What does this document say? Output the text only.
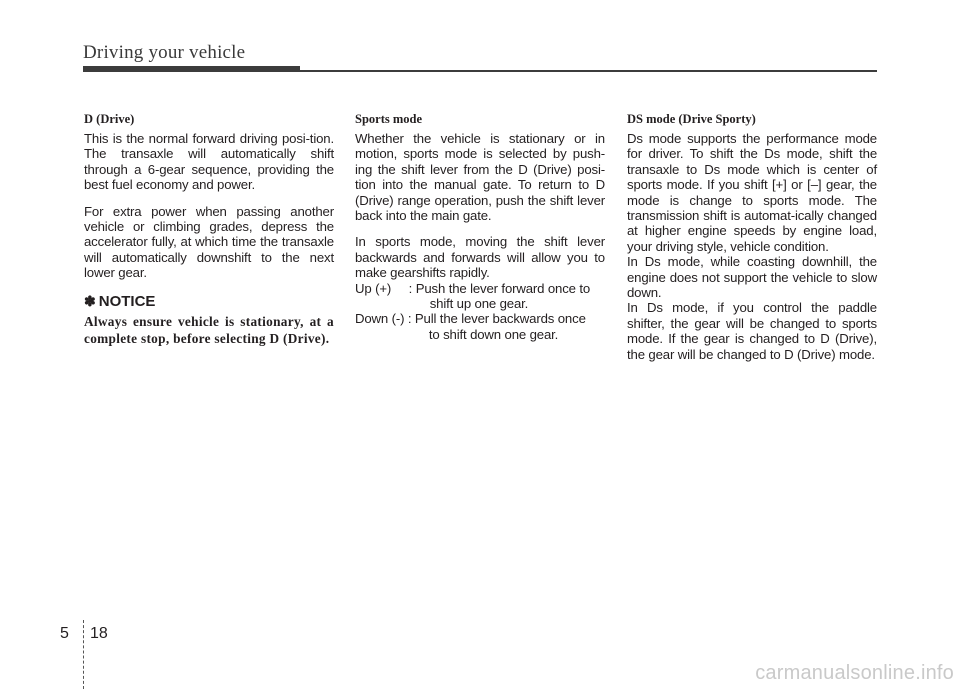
Driving your vehicle
D (Drive)

This is the normal forward driving posi-tion. The transaxle will automatically shift through a 6-gear sequence, providing the best fuel economy and power.

For extra power when passing another vehicle or climbing grades, depress the accelerator fully, at which time the transaxle will automatically downshift to the next lower gear.

✽ NOTICE
Always ensure vehicle is stationary, at a complete stop, before selecting D (Drive).
Sports mode

Whether the vehicle is stationary or in motion, sports mode is selected by push-ing the shift lever from the D (Drive) posi-tion into the manual gate. To return to D (Drive) range operation, push the shift lever back into the main gate.

In sports mode, moving the shift lever backwards and forwards will allow you to make gearshifts rapidly.

Up (+)     : Push the lever forward once to
shift up one gear.
Down (-) : Pull the lever backwards once
to shift down one gear.
DS mode (Drive Sporty)

Ds mode supports the performance mode for driver. To shift the Ds mode, shift the transaxle to Ds mode which is center of sports mode. If you shift [+] or [–] gear, the mode is change to sports mode. The transmission shift is automat-ically changed at higher engine speeds by engine load, your driving style, vehicle condition.

In Ds mode, while coasting downhill, the engine does not support the vehicle to slow down.

In Ds mode, if you control the paddle shifter, the gear will be changed to sports mode. If the gear is changed to D (Drive), the gear will be changed to D (Drive) mode.

5 18
carmanualsonline.info
